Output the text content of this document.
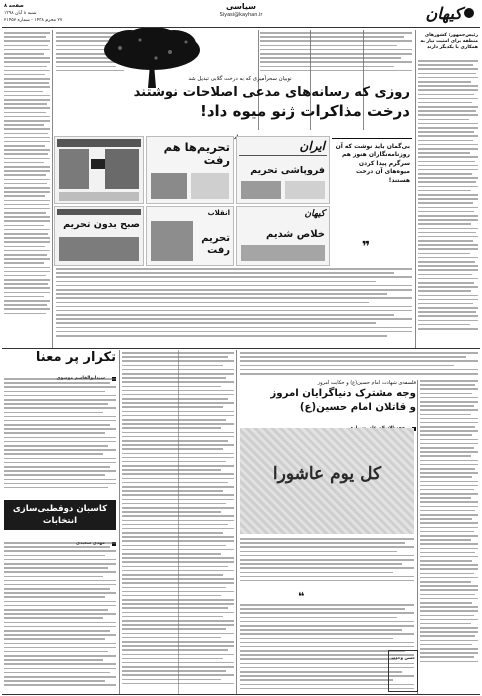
كيهان
سیاسی
Siyasi@kayhan.ir
صفحه ۸
شنبه ۸ آبان ۱۳۹۸
۲۷ محرم ۱۴۳۸ - شماره ۲۱۴۵۷
رئیس‌جمهور: کشورهای منطقه برای امنیت نیاز به همکاری با یکدیگر دارند
نوبیان سحرآمیزی که به درخت گلابی تبدیل شد
روزی که رسانه‌های مدعی اصلاحات نوشتند
درخت مذاکرات ژنو میوه داد!
تحریم‌ها هم رفت
ایران
فروپاشی تحریم
صبح بدون تحریم
انقلاب
تحریم رفت
کیهان
خلاص شدیم
بی‌گمان باید نوشت که آن روزنامه‌نگاران هنوز هم سرگرم پیدا کردن میوه‌های آن درخت هستند!
❞
تکرار پر معنا
کاسبان دوقطبی‌سازی انتخابات
فلسفه‌ی شهادت امام حسین(ع) و حکایت امروز
وجه مشترک دنیاگرایان امروز
و قاتلان امام حسین(ع)
کل یوم عاشورا
❝
حسن وحدت
